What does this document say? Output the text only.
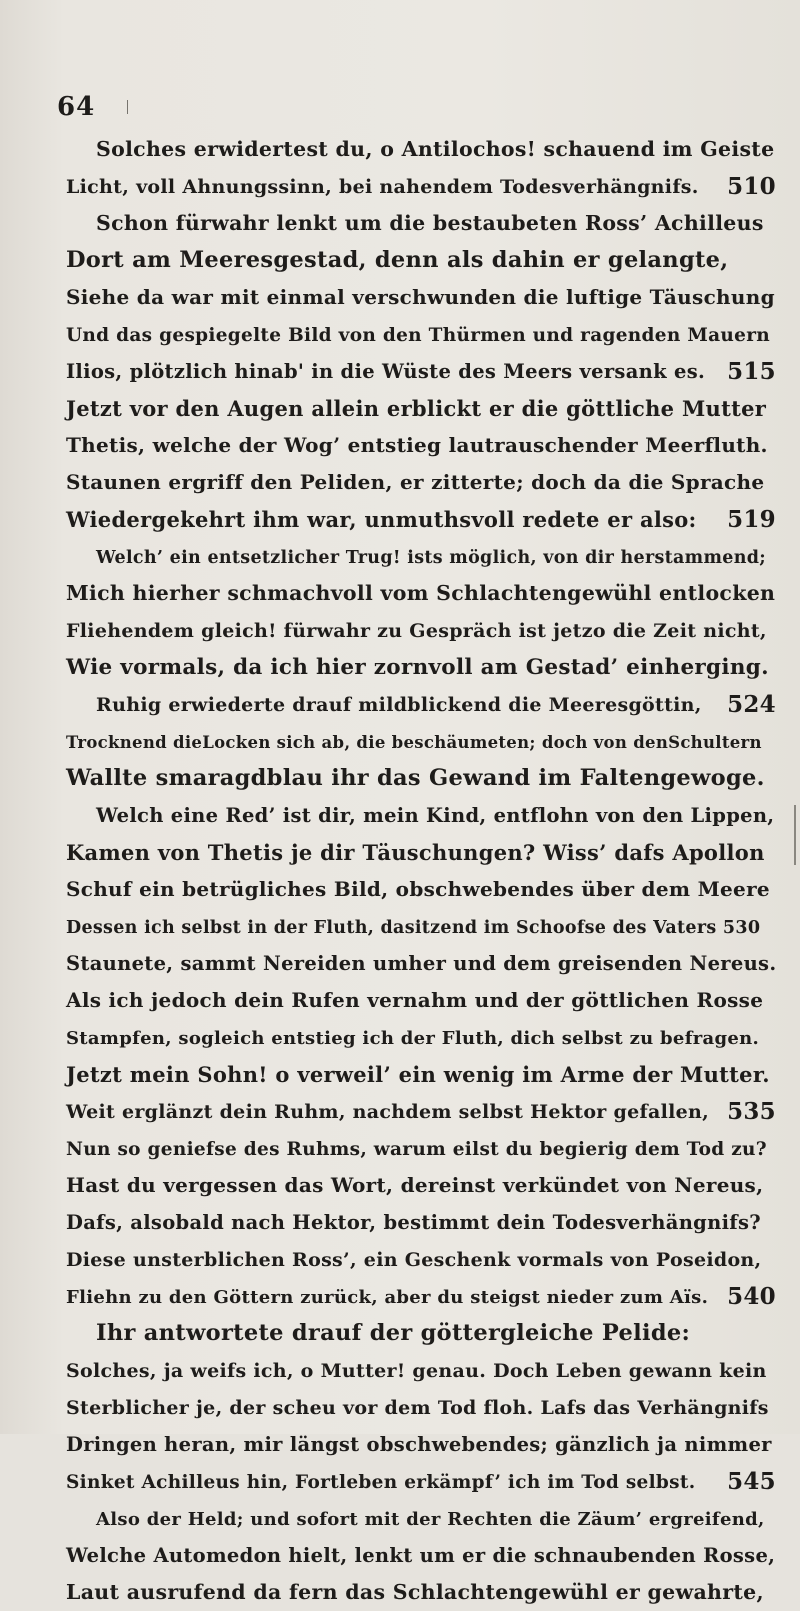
64
Solches erwidertest du, o Antilochos! schauend im Geiste
Licht, voll Ahnungssinn, bei nahendem Todesverhängnifs. 510
Schon fürwahr lenkt um die bestaubeten Ross’ Achilleus
Dort am Meeresgestad, denn als dahin er gelangte,
Siehe da war mit einmal verschwunden die luftige Täuschung
Und das gespiegelte Bild von den Thürmen und ragenden Mauern
Ilios, plötzlich hinab' in die Wüste des Meers versank es. 515
Jetzt vor den Augen allein erblickt er die göttliche Mutter
Thetis, welche der Wog’ entstieg lautrauschender Meerfluth.
Staunen ergriff den Peliden, er zitterte; doch da die Sprache
Wiedergekehrt ihm war, unmuthsvoll redete er also: 519
Welch’ ein entsetzlicher Trug! ists möglich, von dir herstammend;
Mich hierher schmachvoll vom Schlachtengewühl entlocken
Fliehendem gleich! fürwahr zu Gespräch ist jetzo die Zeit nicht,
Wie vormals, da ich hier zornvoll am Gestad’ einherging.
Ruhig erwiederte drauf mildblickend die Meeresgöttin, 524
Trocknend dieLocken sich ab, die beschäumeten; doch von denSchultern
Wallte smaragdblau ihr das Gewand im Faltengewoge.
Welch eine Red’ ist dir, mein Kind, entflohn von den Lippen,
Kamen von Thetis je dir Täuschungen? Wiss’ dafs Apollon
Schuf ein betrügliches Bild, obschwebendes über dem Meere
Dessen ich selbst in der Fluth, dasitzend im Schoofse des Vaters 530
Staunete, sammt Nereiden umher und dem greisenden Nereus.
Als ich jedoch dein Rufen vernahm und der göttlichen Rosse
Stampfen, sogleich entstieg ich der Fluth, dich selbst zu befragen.
Jetzt mein Sohn! o verweil’ ein wenig im Arme der Mutter.
Weit erglänzt dein Ruhm, nachdem selbst Hektor gefallen, 535
Nun so geniefse des Ruhms, warum eilst du begierig dem Tod zu?
Hast du vergessen das Wort, dereinst verkündet von Nereus,
Dafs, alsobald nach Hektor, bestimmt dein Todesverhängnifs?
Diese unsterblichen Ross’, ein Geschenk vormals von Poseidon,
Fliehn zu den Göttern zurück, aber du steigst nieder zum Aïs. 540
Ihr antwortete drauf der göttergleiche Pelide:
Solches, ja weifs ich, o Mutter! genau. Doch Leben gewann kein
Sterblicher je, der scheu vor dem Tod floh. Lafs das Verhängnifs
Dringen heran, mir längst obschwebendes; gänzlich ja nimmer
Sinket Achilleus hin, Fortleben erkämpf’ ich im Tod selbst. 545
Also der Held; und sofort mit der Rechten die Zäum’ ergreifend,
Welche Automedon hielt, lenkt um er die schnaubenden Rosse,
Laut ausrufend da fern das Schlachtengewühl er gewahrte,
